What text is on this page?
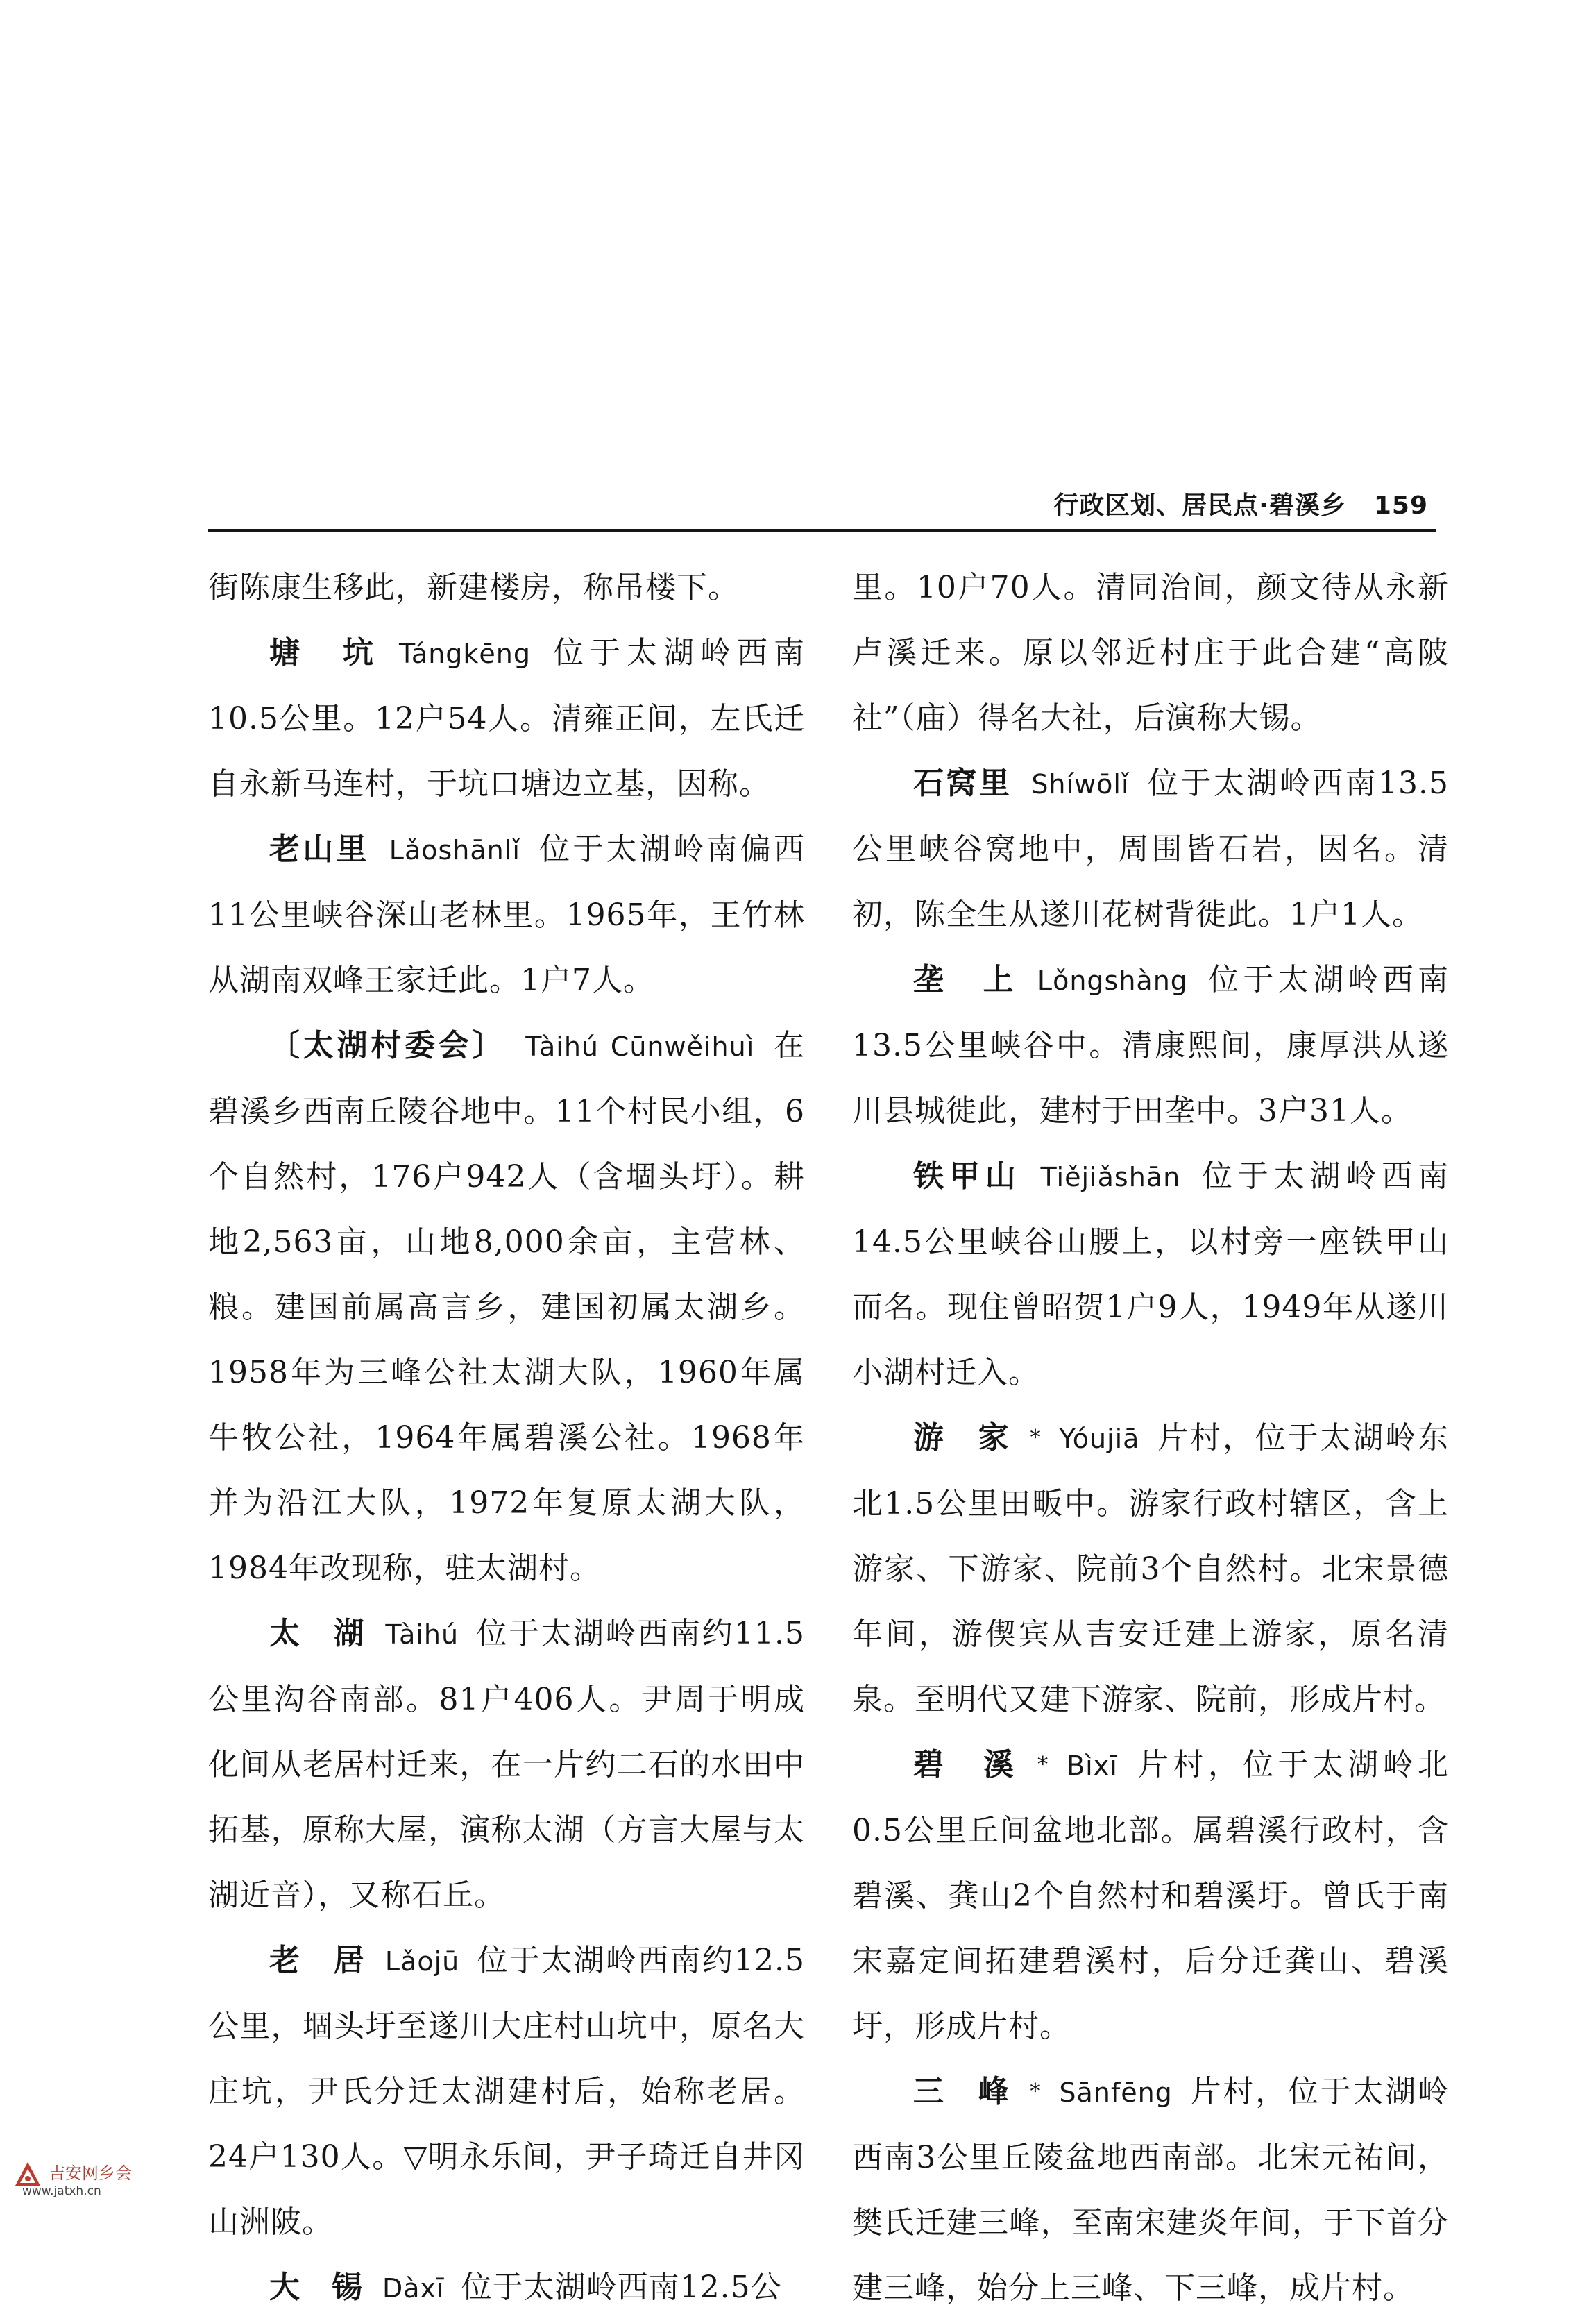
行政区划、居民点·碧溪乡 159

街陈康生移此，新建楼房，称吊楼下。

塘　坑 Tángkēng 位于太湖岭西南10.5公里。12户54人。清雍正间，左氏迁自永新马连村，于坑口塘边立基，因称。

老山里 Lǎoshānlǐ 位于太湖岭南偏西11公里峡谷深山老林里。1965年，王竹林从湖南双峰王家迁此。1户7人。

〔太湖村委会〕 Tàihú Cūnwěihuì 在碧溪乡西南丘陵谷地中。11个村民小组，6个自然村，176户942人（含堌头圩）。耕地2,563亩，山地8,000余亩，主营林、粮。建国前属高言乡，建国初属太湖乡。1958年为三峰公社太湖大队，1960年属牛牧公社，1964年属碧溪公社。1968年并为沿江大队，1972年复原太湖大队，1984年改现称，驻太湖村。

太　湖 Tàihú 位于太湖岭西南约11.5公里沟谷南部。81户406人。尹周于明成化间从老居村迁来，在一片约二石的水田中拓基，原称大屋，演称太湖（方言大屋与太湖近音），又称石丘。

老　居 Lǎojū 位于太湖岭西南约12.5公里，堌头圩至遂川大庄村山坑中，原名大庄坑，尹氏分迁太湖建村后，始称老居。24户130人。▽明永乐间，尹子琦迁自井冈山洲陂。

大　锡 Dàxī 位于太湖岭西南12.5公

里。10户70人。清同治间，颜文待从永新卢溪迁来。原以邻近村庄于此合建“高陂社”（庙）得名大社，后演称大锡。

石窝里 Shíwōlǐ 位于太湖岭西南13.5公里峡谷窝地中，周围皆石岩，因名。清初，陈全生从遂川花树背徙此。1户1人。

垄　上 Lǒngshàng 位于太湖岭西南13.5公里峡谷中。清康熙间，康厚洪从遂川县城徙此，建村于田垄中。3户31人。

铁甲山 Tiějiǎshān 位于太湖岭西南14.5公里峡谷山腰上，以村旁一座铁甲山而名。现住曾昭贺1户9人，1949年从遂川小湖村迁入。

游　家 * Yóujiā 片村，位于太湖岭东北1.5公里田畈中。游家行政村辖区，含上游家、下游家、院前3个自然村。北宋景德年间，游偰宾从吉安迁建上游家，原名清泉。至明代又建下游家、院前，形成片村。

碧　溪 * Bìxī 片村，位于太湖岭北0.5公里丘间盆地北部。属碧溪行政村，含碧溪、龚山2个自然村和碧溪圩。曾氏于南宋嘉定间拓建碧溪村，后分迁龚山、碧溪圩，形成片村。

三　峰 * Sānfēng 片村，位于太湖岭西南3公里丘陵盆地西南部。北宋元祐间，樊氏迁建三峰，至南宋建炎年间，于下首分建三峰，始分上三峰、下三峰，成片村。

吉安网乡会
www.jatxh.cn
